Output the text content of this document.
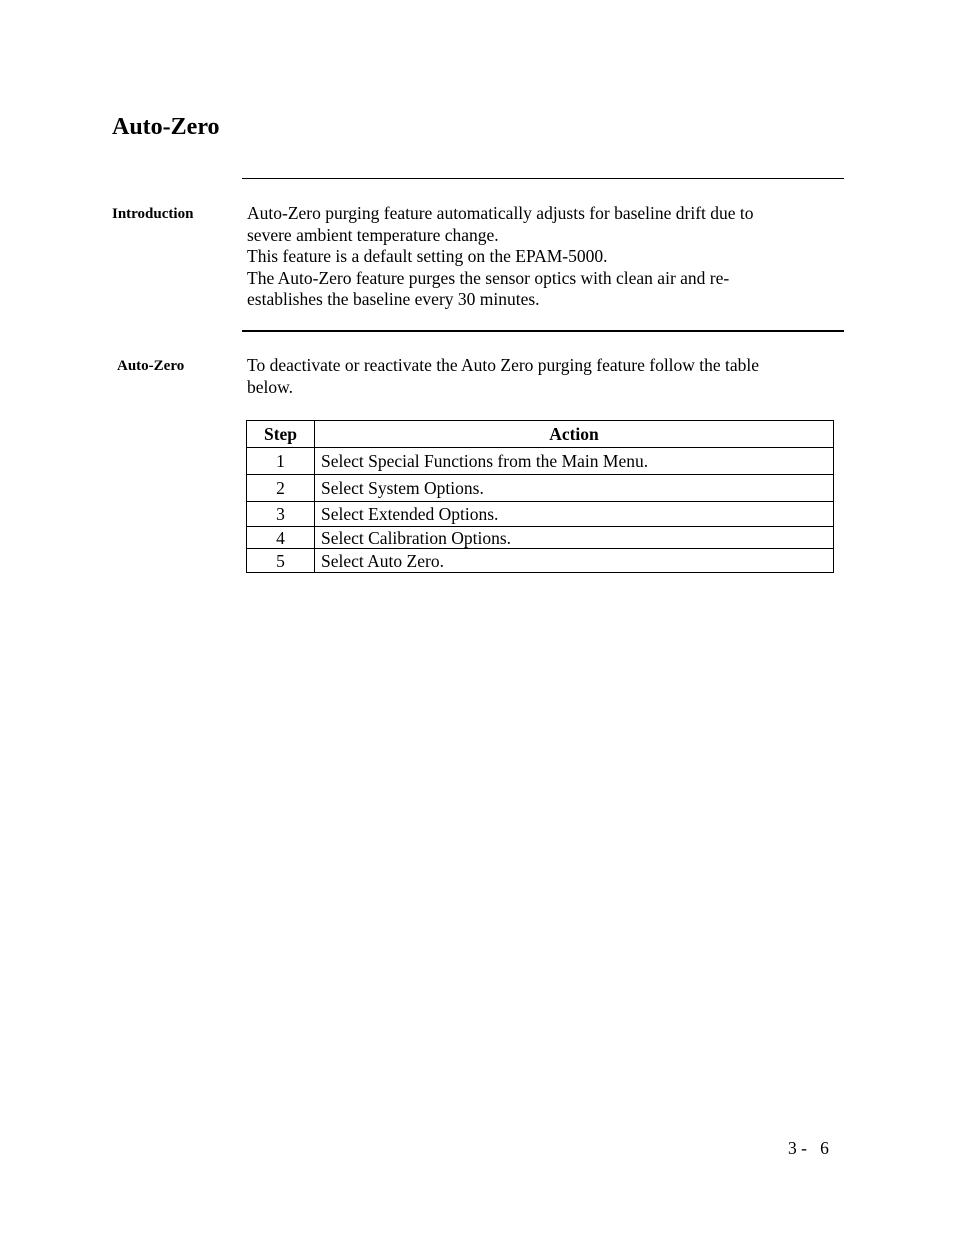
Auto-Zero
Introduction	Auto-Zero purging feature automatically adjusts for baseline drift due to
severe ambient temperature change.
This feature is a default setting on the EPAM-5000.
The Auto-Zero feature purges the sensor optics with clean air and re-
establishes the baseline every 30 minutes.
Auto-Zero	To deactivate or reactivate the Auto Zero purging feature follow the table
below.
Step	Action
1	Select Special Functions from the Main Menu.
2	Select System Options.
3	Select Extended Options.
4	Select Calibration Options.
5	Select Auto Zero.
3 -   6
